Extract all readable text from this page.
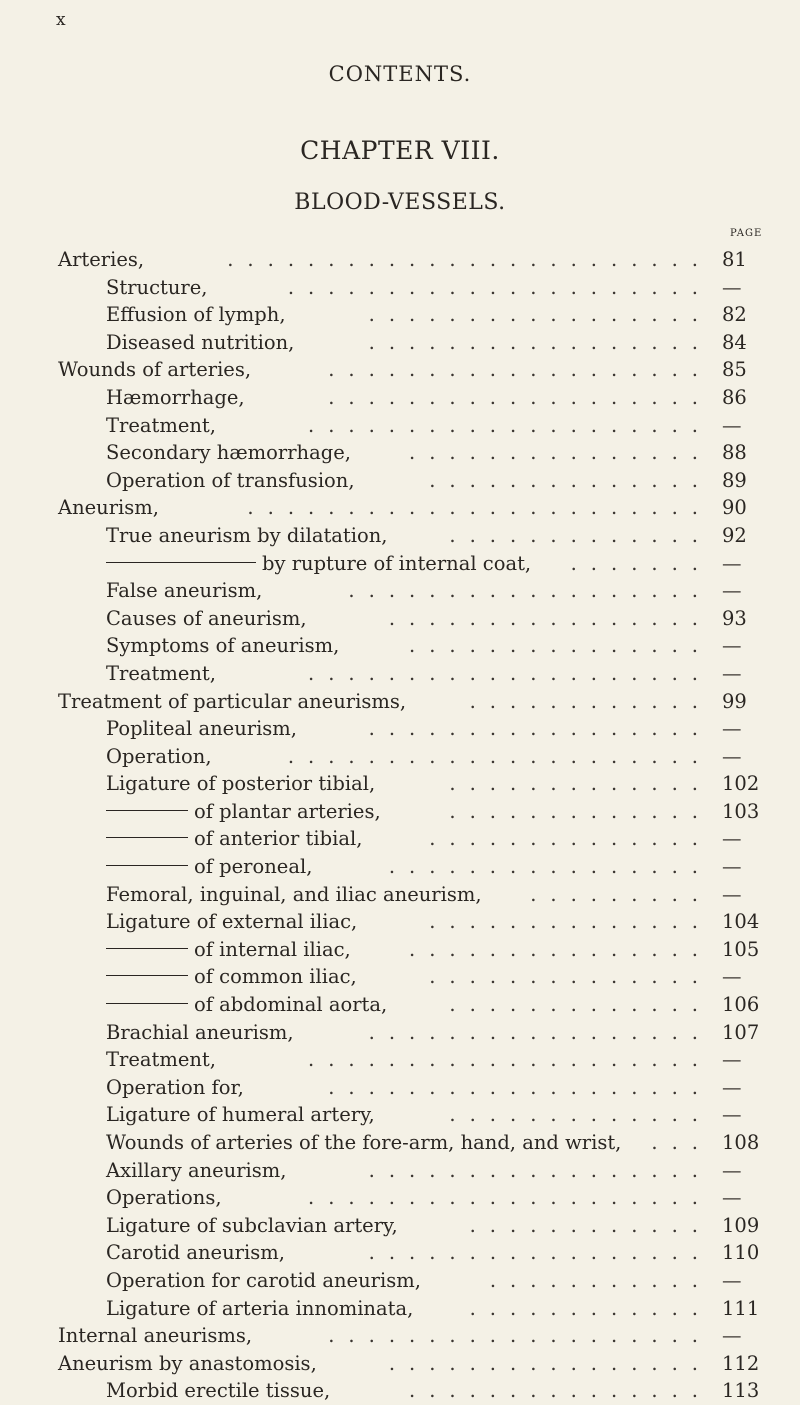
x
CONTENTS.
CHAPTER VIII.
BLOOD-VESSELS.
PAGE
Arteries,	81
........................
Structure,	—
.....................
Effusion of lymph,	82
.................
Diseased nutrition,	84
.................
Wounds of arteries,	85
...................
Hæmorrhage,	86
...................
Treatment,	—
....................
Secondary hæmorrhage,	88
...............
Operation of transfusion,	89
..............
Aneurism,	90
.......................
True aneurism by dilatation,	92
.............
by rupture of internal coat,	—
.......
False aneurism,	—
..................
Causes of aneurism,	93
................
Symptoms of aneurism,	—
...............
Treatment,	—
....................
Treatment of particular aneurisms,	99
............
Popliteal aneurism,	—
.................
Operation,	—
.....................
Ligature of posterior tibial,	102
.............
of plantar arteries,	103
.............
of anterior tibial,	—
..............
of peroneal,	—
................
Femoral, inguinal, and iliac aneurism,	—
.........
Ligature of external iliac,	104
..............
of internal iliac,	105
...............
of common iliac,	—
..............
of abdominal aorta,	106
.............
Brachial aneurism,	107
.................
Treatment,	—
....................
Operation for,	—
...................
Ligature of humeral artery,	—
.............
Wounds of arteries of the fore-arm, hand, and wrist,	108
...
Axillary aneurism,	—
.................
Operations,	—
....................
Ligature of subclavian artery,	109
............
Carotid aneurism,	110
.................
Operation for carotid aneurism,	—
...........
Ligature of arteria innominata,	111
............
Internal aneurisms,	—
...................
Aneurism by anastomosis,	112
................
Morbid erectile tissue,	113
...............
